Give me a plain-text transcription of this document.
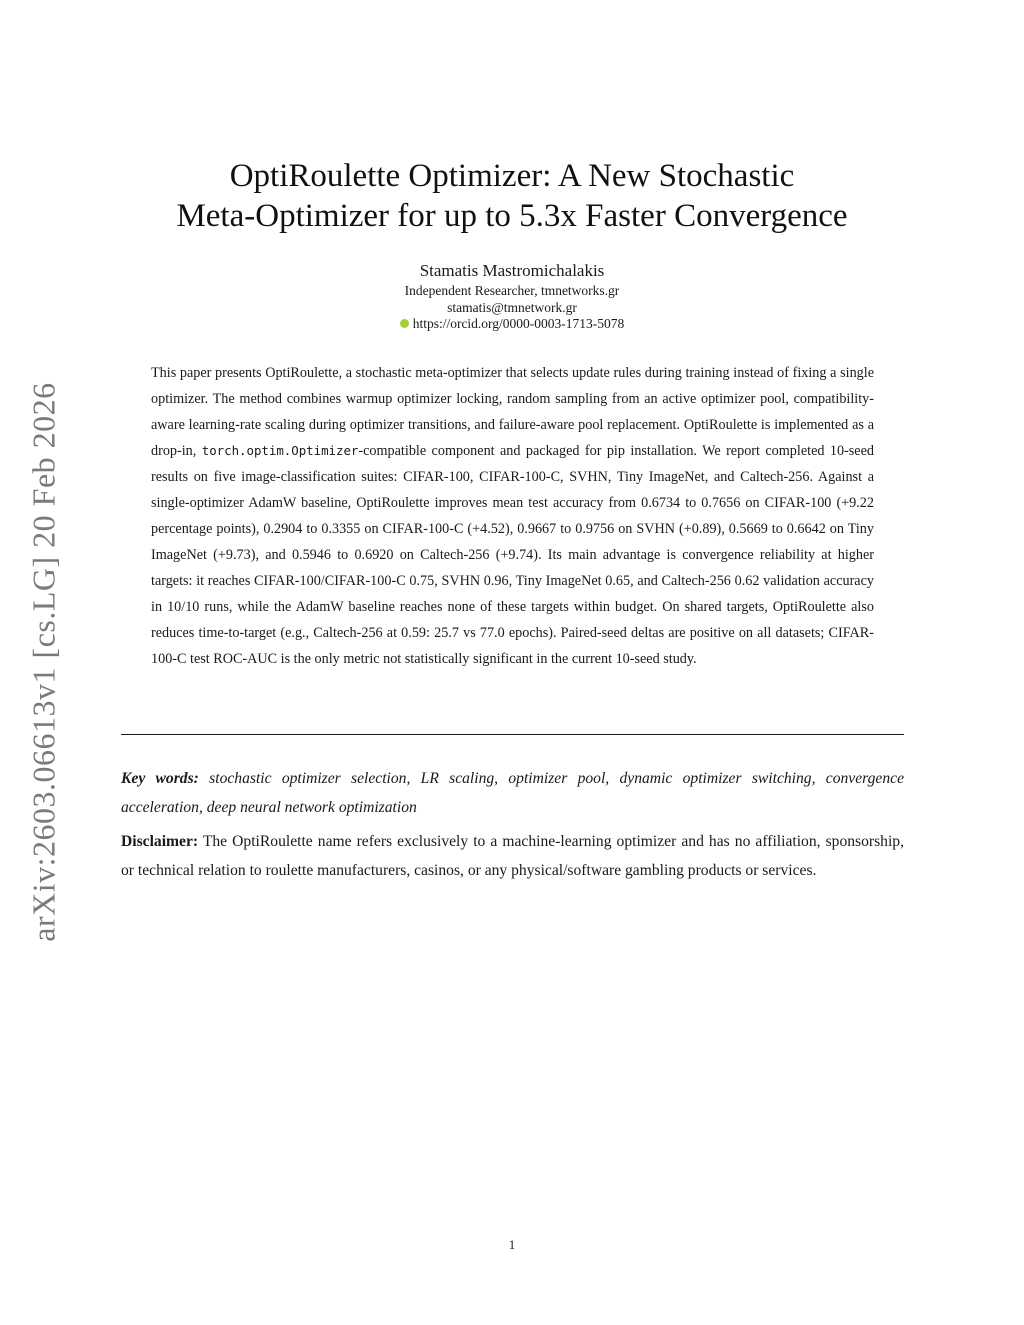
arXiv:2603.06613v1 [cs.LG] 20 Feb 2026
OptiRoulette Optimizer: A New Stochastic
Meta-Optimizer for up to 5.3x Faster Convergence
Stamatis Mastromichalakis
Independent Researcher, tmnetworks.gr
stamatis@tmnetwork.gr
https://orcid.org/0000-0003-1713-5078

This paper presents OptiRoulette, a stochastic meta-optimizer that selects update rules during training instead of fixing a single optimizer. The method combines warmup optimizer locking, random sampling from an active optimizer pool, compatibility-aware learning-rate scaling during optimizer transitions, and failure-aware pool replacement. OptiRoulette is implemented as a drop-in, torch.optim.Optimizer-compatible component and packaged for pip installation. We report completed 10-seed results on five image-classification suites: CIFAR-100, CIFAR-100-C, SVHN, Tiny ImageNet, and Caltech-256. Against a single-optimizer AdamW baseline, OptiRoulette improves mean test accuracy from 0.6734 to 0.7656 on CIFAR-100 (+9.22 percentage points), 0.2904 to 0.3355 on CIFAR-100-C (+4.52), 0.9667 to 0.9756 on SVHN (+0.89), 0.5669 to 0.6642 on Tiny ImageNet (+9.73), and 0.5946 to 0.6920 on Caltech-256 (+9.74). Its main advantage is convergence reliability at higher targets: it reaches CIFAR-100/CIFAR-100-C 0.75, SVHN 0.96, Tiny ImageNet 0.65, and Caltech-256 0.62 validation accuracy in 10/10 runs, while the AdamW baseline reaches none of these targets within budget. On shared targets, OptiRoulette also reduces time-to-target (e.g., Caltech-256 at 0.59: 25.7 vs 77.0 epochs). Paired-seed deltas are positive on all datasets; CIFAR-100-C test ROC-AUC is the only metric not statistically significant in the current 10-seed study.

Key words: stochastic optimizer selection, LR scaling, optimizer pool, dynamic optimizer switching, convergence acceleration, deep neural network optimization

Disclaimer: The OptiRoulette name refers exclusively to a machine-learning optimizer and has no affiliation, sponsorship, or technical relation to roulette manufacturers, casinos, or any physical/software gambling products or services.

1
